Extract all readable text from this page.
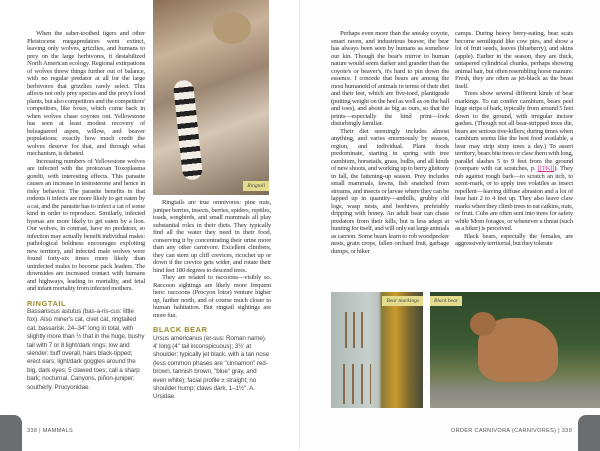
When the saber-toothed tigers and other Pleistocene megapredators went extinct, leaving only wolves, grizzlies, and humans to prey on the large herbivores, it destabilized North American ecology. Regional extirpations of wolves threw things further out of balance, with no regular predator at all for the large herbivores that grizzlies rarely select. This affects not only prey species and the prey's food plants, but also competitors and the competitors' competitors, like foxes, which come back in when wolves chase coyotes out. Yellowstone has seen at least modest recovery of beleaguered aspen, willow, and beaver populations; exactly how much credit the wolves deserve for that, and through what mechanism, is debated.

Increasing numbers of Yellowstone wolves are infected with the protozoan Toxoplasma gondii, with interesting effects. This parasite causes an increase in testosterone and hence in risky behavior. The parasite benefits in that rodents it infects are more likely to get eaten by a cat, and the parasite has to infect a cat of some kind in order to reproduce. Similarly, infected hyenas are more likely to get eaten by a lion. Our wolves, in contrast, have no predators, so infection may actually benefit individual males: pathological boldness encourages exploiting new territory, and infected male wolves were found forty-six times more likely than uninfected males to become pack leaders. The downsides are increased contact with humans and highways, leading to mortality, and fetal and infant mortality from infected mothers.

RINGTAIL
Bassariscus astutus (bas-a-ris-cus: little fox). Also miner's cat, civet cat, ringtailed cat, bassarisk. 24–34" long in total, with slightly more than ½ that in the huge, bushy tail with 7 or 8 light/dark rings; low and slender; buff overall, hairs black-tipped; erect ears; light/dark goggles around the big, dark eyes; 5 clawed toes; call a sharp bark; nocturnal. Canyons, piñon-juniper; southerly. Procyonidae.
Ringtail

Ringtails are true omnivores: pine nuts, juniper berries, insects, berries, spiders, reptiles, toads, songbirds, and small mammals all play substantial roles in their diets. They typically find all the water they need in their food, conserving it by concentrating their urine more than any other carnivore. Excellent climbers, they can stem up cliff crevices, ricochet up or down if the crevice gets wider, and rotate their hind feet 180 degrees to descend trees.

They are related to raccoons—visibly so. Raccoon sightings are likely more frequent here: raccoons (Procyon lotor) venture higher up, farther north, and of course much closer to human habitation. But ringtail sightings are more fun.

BLACK BEAR
Ursus americanus (er-sus: Roman name). 4' long (4" tail inconspicuous); 3½' at shoulder; typically jet black, with a tan nose (less common phases are "cinnamon" red-brown, tannish brown, "blue" gray, and even white); facial profile ± straight; no shoulder hump; claws dark, 1–1½". A. Ursidae.
338 | MAMMALS

Perhaps even more than the sneaky coyote, smart raven, and industrious beaver, the bear has always been seen by humans as somehow our kin. Though the bear's mirror to human nature would seem darker and grander than the coyote's or beaver's, it's hard to pin down the essence. I concede that bears are among the most humanoid of animals in terms of their diet and their feet, which are five-toed, plantigrade (putting weight on the heel as well as on the ball and toes), and about as big as ours, so that the prints—especially the hind print—look disturbingly familiar.

Their diet seemingly includes almost anything, and varies enormously by season, region, and individual. Plant foods predominate, starting in spring with tree cambium, horsetails, grass, bulbs, and all kinds of new shoots, and working up to berry gluttony in fall, the fattening-up season. Prey includes small mammals, fawns, fish snatched from streams, and insects or larvae where they can be lapped up in quantity—anthills, grubby old logs, wasp nests, and beehives, preferably dripping with honey. An adult bear can chase predators from their kills, but is less adept at hunting for itself, and will only eat large animals as carrion. Some bears learn to rob woodpecker nests, grain crops, fallen orchard fruit, garbage dumps, or hiker

camps. During heavy berry-eating, bear scats become semiliquid like cow pies, and show a lot of fruit seeds, leaves (blueberry), and skins (apple). Earlier in the season, they are thick, untapered cylindrical chunks, perhaps showing animal hair, but often resembling horse manure. Fresh, they are often as jet-black as the beast itself.

Trees show several different kinds of bear markings. To eat conifer cambium, bears peel huge strips of bark, typically from around 5 feet down to the ground, with irregular incisor gashes. (Though not all bear-stripped trees die, bears are serious tree-killers; during times when cambium seems like the best food available, a bear may strip sixty trees a day.) To assert territory, bears bite trees or claw them with long, parallel slashes 5 to 9 feet from the ground (compare with cat scratches, p. [[TK]]). They rub against rough bark—to scratch an itch, to scent-mark, or to apply tree volatiles as insect repellent—leaving diffuse abrasion and a lot of bear hair 2 to 4 feet up. They also leave claw marks when they climb trees to eat catkins, nuts, or fruit. Cubs are often sent into trees for safety while Mom forages, or whenever a threat (such as a hiker) is perceived.

Black bears, especially the females, are aggressively territorial, but they tolerate

Bear markings	Black bear
ORDER CARNIVORA (CARNIVORES) | 339
